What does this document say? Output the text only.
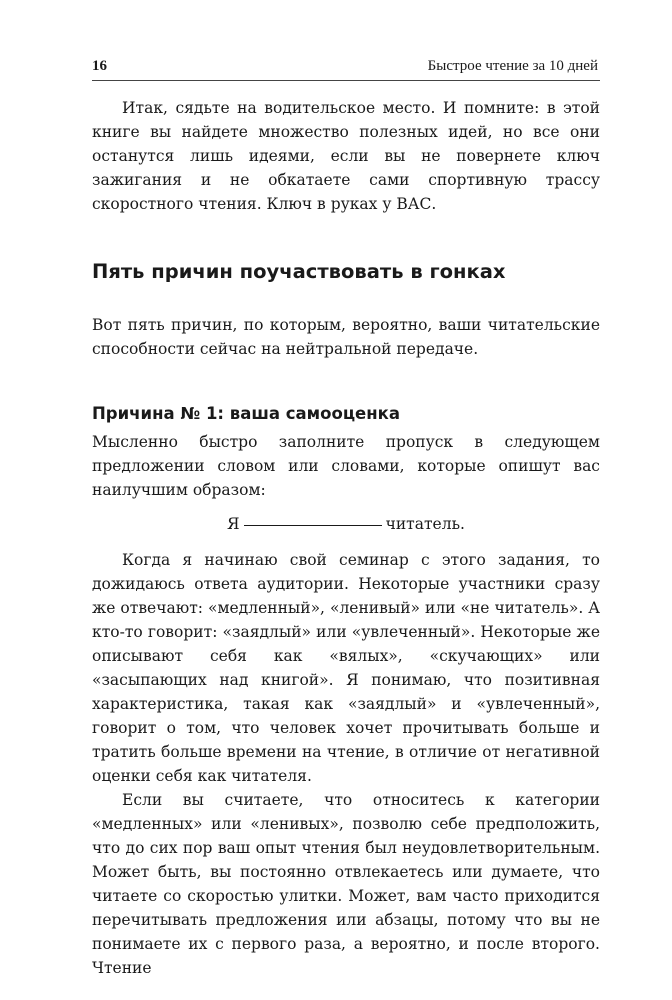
16	Быстрое чтение за 10 дней

Итак, сядьте на водительское место. И помните: в этой книге вы найдете множество полезных идей, но все они останутся лишь идеями, если вы не повернете ключ зажигания и не обкатаете сами спортивную трассу скоростного чтения. Ключ в руках у ВАС.

Пять причин поучаствовать в гонках

Вот пять причин, по которым, вероятно, ваши читательские способности сейчас на нейтральной передаче.

Причина № 1: ваша самооценка

Мысленно быстро заполните пропуск в следующем предложении словом или словами, которые опишут вас наилучшим образом:

Я	читатель.

Когда я начинаю свой семинар с этого задания, то дожидаюсь ответа аудитории. Некоторые участники сразу же отвечают: «медленный», «ленивый» или «не читатель». А кто-то говорит: «заядлый» или «увлеченный». Некоторые же описывают себя как «вялых», «скучающих» или «засыпающих над книгой». Я понимаю, что позитивная характеристика, такая как «заядлый» и «увлеченный», говорит о том, что человек хочет прочитывать больше и тратить больше времени на чтение, в отличие от негативной оценки себя как читателя.

Если вы считаете, что относитесь к категории «медленных» или «ленивых», позволю себе предположить, что до сих пор ваш опыт чтения был неудовлетворительным. Может быть, вы постоянно отвлекаетесь или думаете, что читаете со скоростью улитки. Может, вам часто приходится перечитывать предложения или абзацы, потому что вы не понимаете их с первого раза, а вероятно, и после второго. Чтение
